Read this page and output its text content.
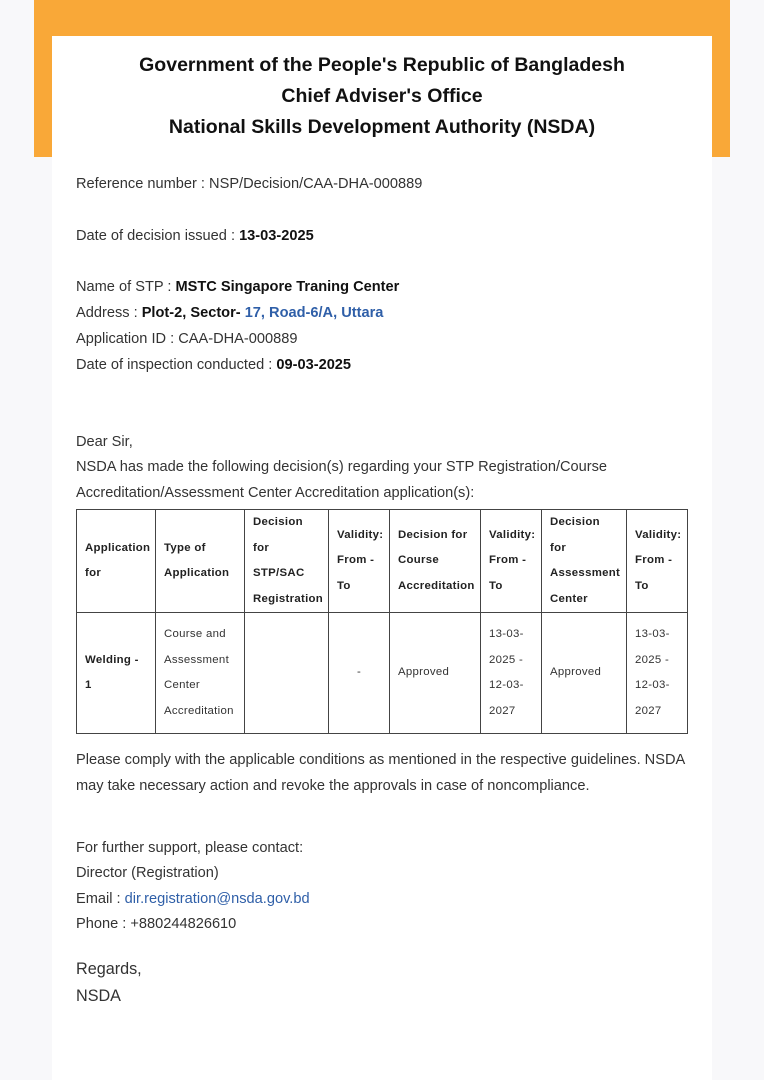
Government of the People's Republic of Bangladesh
Chief Adviser's Office
National Skills Development Authority (NSDA)
Reference number : NSP/Decision/CAA-DHA-000889
Date of decision issued : 13-03-2025
Name of STP : MSTC Singapore Traning Center
Address : Plot-2, Sector- 17, Road-6/A, Uttara
Application ID : CAA-DHA-000889
Date of inspection conducted : 09-03-2025
Dear Sir,
NSDA has made the following decision(s) regarding your STP Registration/Course Accreditation/Assessment Center Accreditation application(s):
Application for	Type of Application	Decision for STP/SAC Registration	Validity: From - To	Decision for Course Accreditation	Validity: From - To	Decision for Assessment Center	Validity: From - To
Welding - 1	Course and Assessment Center Accreditation		-	Approved	13-03-2025 - 12-03-2027	Approved	13-03-2025 - 12-03-2027
Please comply with the applicable conditions as mentioned in the respective guidelines. NSDA may take necessary action and revoke the approvals in case of noncompliance.
For further support, please contact:
Director (Registration)
Email : dir.registration@nsda.gov.bd
Phone : +880244826610
Regards,
NSDA
